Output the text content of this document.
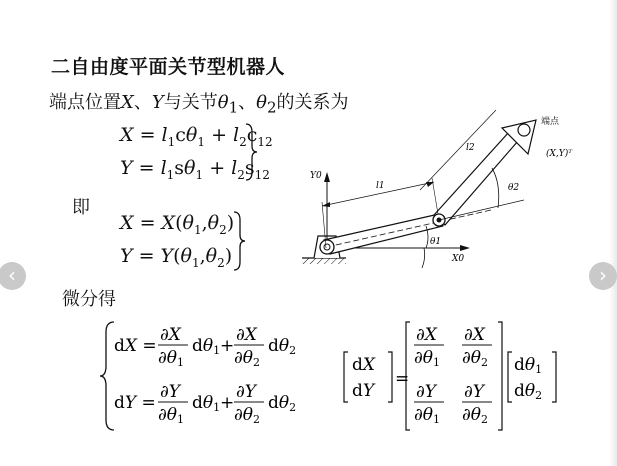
二自由度平面关节型机器人
端点位置X、Y与关节$\theta_1$、$\theta_2$的关系为
$X = l_1c\theta_1 + l_2c_{12}$
$Y = l_1s\theta_1 + l_2s_{12}$
即
$X = X(\theta_1,\theta_2)$
$Y = Y(\theta_1,\theta_2)$
微分得
dX =
∂X
∂θ1
dθ1 +
∂X
∂θ2
dθ2
dY =
∂Y
∂θ1
dθ1 +
∂Y
∂θ2
dθ2
dX
dY
=
∂X
∂θ1
∂X
∂θ2
∂Y
∂θ1
∂Y
∂θ2
dθ1
dθ2
Y0
X0
l1
l2
θ2
θ1
(X,Y)ᵀ
端点
‹	›
